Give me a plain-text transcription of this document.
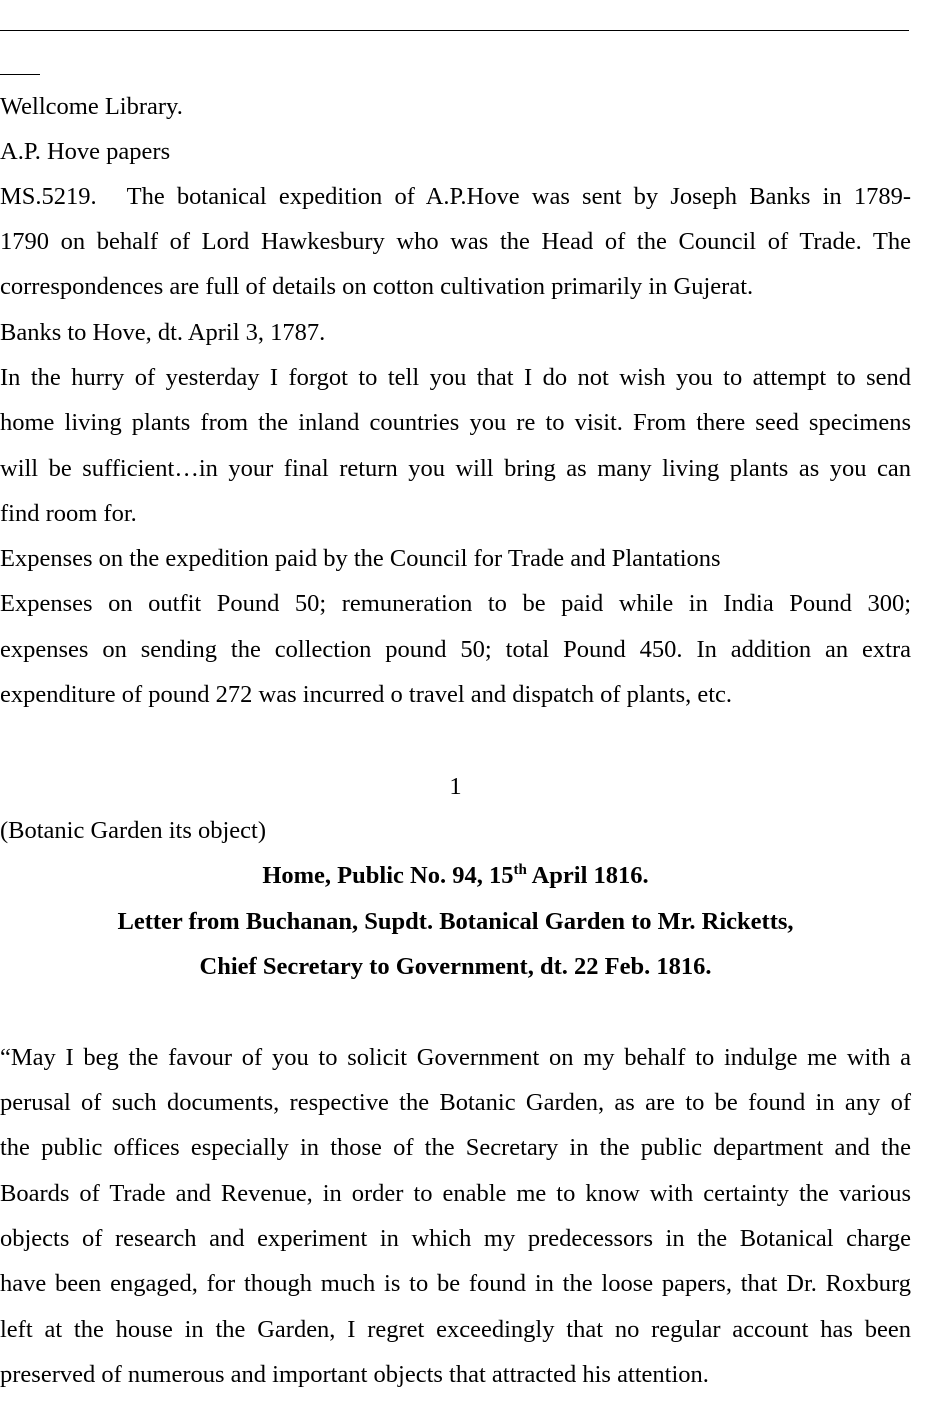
Wellcome Library.
A.P. Hove papers
MS.5219. The botanical expedition of A.P.Hove was sent by Joseph Banks in 1789-
1790 on behalf of Lord Hawkesbury who was the Head of the Council of Trade. The
correspondences are full of details on cotton cultivation primarily in Gujerat.
Banks to Hove, dt. April 3, 1787.
In the hurry of yesterday I forgot to tell you that I do not wish you to attempt to send
home living plants from the inland countries you re to visit. From there seed specimens
will be sufficient…in your final return you will bring as many living plants as you can
find room for.
Expenses on the expedition paid by the Council for Trade and Plantations
Expenses on outfit Pound 50; remuneration to be paid while in India Pound 300;
expenses on sending the collection pound 50; total Pound 450. In addition an extra
expenditure of pound 272 was incurred o travel and dispatch of plants, etc.
1
(Botanic Garden its object)
Home, Public No. 94, 15th April 1816.
Letter from Buchanan, Supdt. Botanical Garden to Mr. Ricketts,
Chief Secretary to Government, dt. 22 Feb. 1816.
“May I beg the favour of you to solicit Government on my behalf to indulge me with a
perusal of such documents, respective the Botanic Garden, as are to be found in any of
the public offices especially in those of the Secretary in the public department and the
Boards of Trade and Revenue, in order to enable me to know with certainty the various
objects of research and experiment in which my predecessors in the Botanical charge
have been engaged, for though much is to be found in the loose papers, that Dr. Roxburg
left at the house in the Garden, I regret exceedingly that no regular account has been
preserved of numerous and important objects that attracted his attention.
